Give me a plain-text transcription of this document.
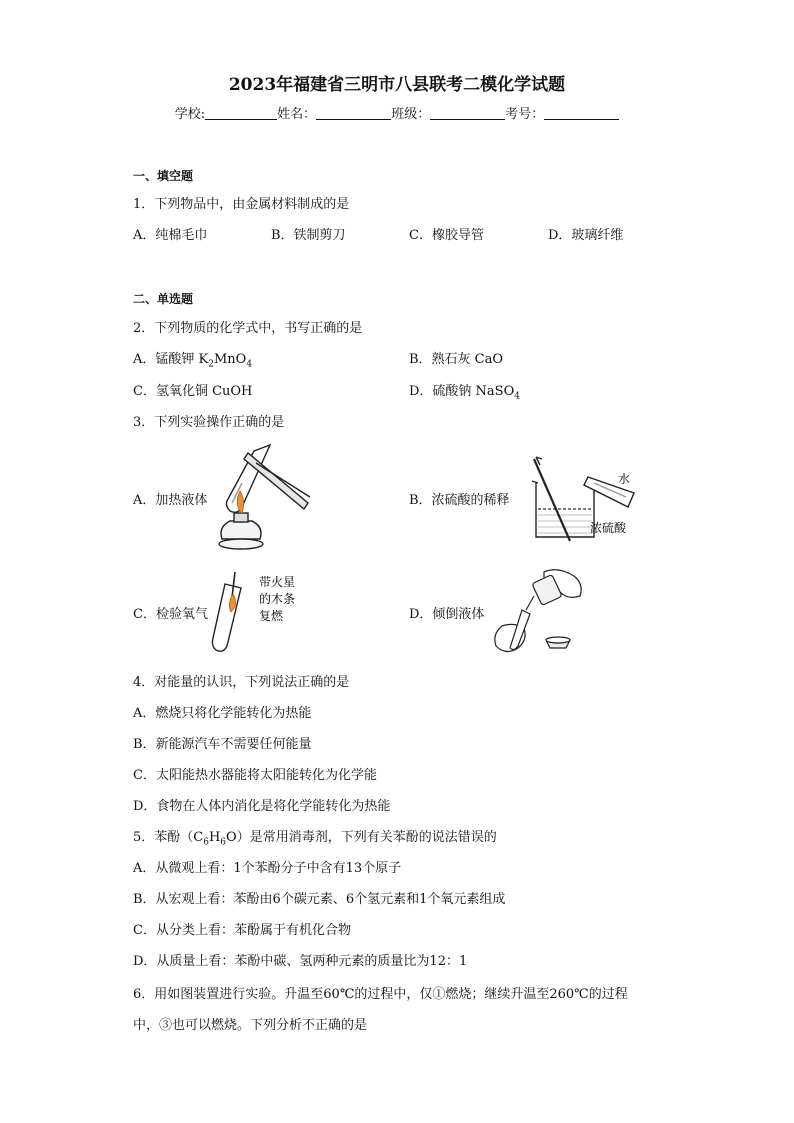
2023年福建省三明市八县联考二模化学试题
学校:	姓名：	班级：	考号：
一、填空题
1．下列物品中，由金属材料制成的是
A．纯棉毛巾	B．铁制剪刀	C．橡胶导管	D．玻璃纤维
二、单选题
2．下列物质的化学式中，书写正确的是
A．锰酸钾 $K_2MnO_4$	B．熟石灰 CaO
C．氢氧化铜 CuOH	D．硫酸钠 NaSO$_4$
3．下列实验操作正确的是
A．加热液体	B．浓硫酸的稀释
水
浓硫酸
C．检验氧气
带火星
的木条
复燃	D．倾倒液体
4．对能量的认识，下列说法正确的是
A．燃烧只将化学能转化为热能
B．新能源汽车不需要任何能量
C．太阳能热水器能将太阳能转化为化学能
D．食物在人体内消化是将化学能转化为热能
5．苯酚$(C_6H_6O)$是常用消毒剂，下列有关苯酚的说法错误的
A．从微观上看：1个苯酚分子中含有13个原子
B．从宏观上看：苯酚由6个碳元素、6个氢元素和1个氧元素组成
C．从分类上看：苯酚属于有机化合物
D．从质量上看：苯酚中碳、氢两种元素的质量比为12：1
6．用如图装置进行实验。升温至60℃的过程中，仅①燃烧；继续升温至260℃的过程
中，③也可以燃烧。下列分析不正确的是
